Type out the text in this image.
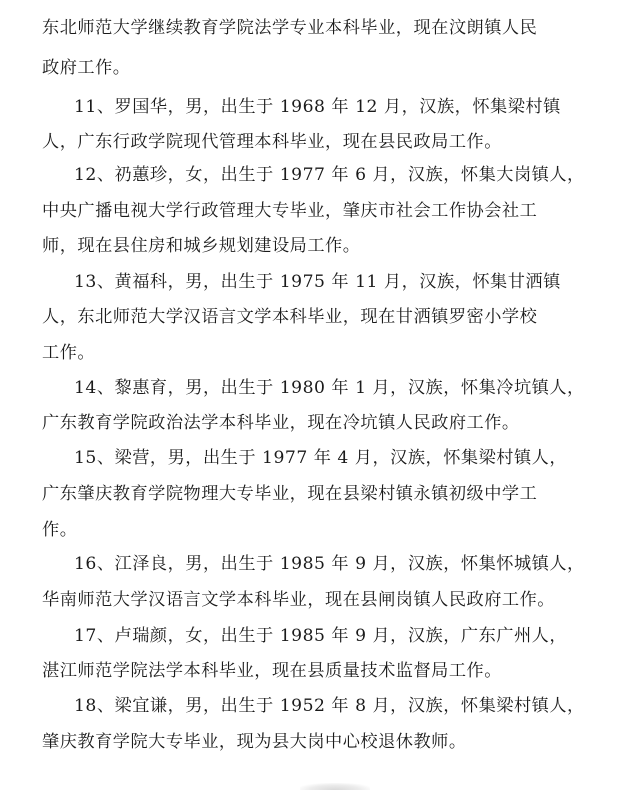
东北师范大学继续教育学院法学专业本科毕业，现在汶朗镇人民
政府工作。
11、罗国华，男，出生于 1968 年 12 月，汉族，怀集梁村镇
人，广东行政学院现代管理本科毕业，现在县民政局工作。
12、礽蕙珍，女，出生于 1977 年 6 月，汉族，怀集大岗镇人，
中央广播电视大学行政管理大专毕业，肇庆市社会工作协会社工
师，现在县住房和城乡规划建设局工作。
13、黄福科，男，出生于 1975 年 11 月，汉族，怀集甘洒镇
人，东北师范大学汉语言文学本科毕业，现在甘洒镇罗密小学校
工作。
14、黎惠育，男，出生于 1980 年 1 月，汉族，怀集冷坑镇人，
广东教育学院政治法学本科毕业，现在冷坑镇人民政府工作。
15、梁营，男，出生于 1977 年 4 月，汉族，怀集梁村镇人，
广东肇庆教育学院物理大专毕业，现在县梁村镇永镇初级中学工
作。
16、江泽良，男，出生于 1985 年 9 月，汉族，怀集怀城镇人，
华南师范大学汉语言文学本科毕业，现在县闸岗镇人民政府工作。
17、卢瑞颜，女，出生于 1985 年 9 月，汉族，广东广州人，
湛江师范学院法学本科毕业，现在县质量技术监督局工作。
18、梁宜谦，男，出生于 1952 年 8 月，汉族，怀集梁村镇人，
肇庆教育学院大专毕业，现为县大岗中心校退休教师。
